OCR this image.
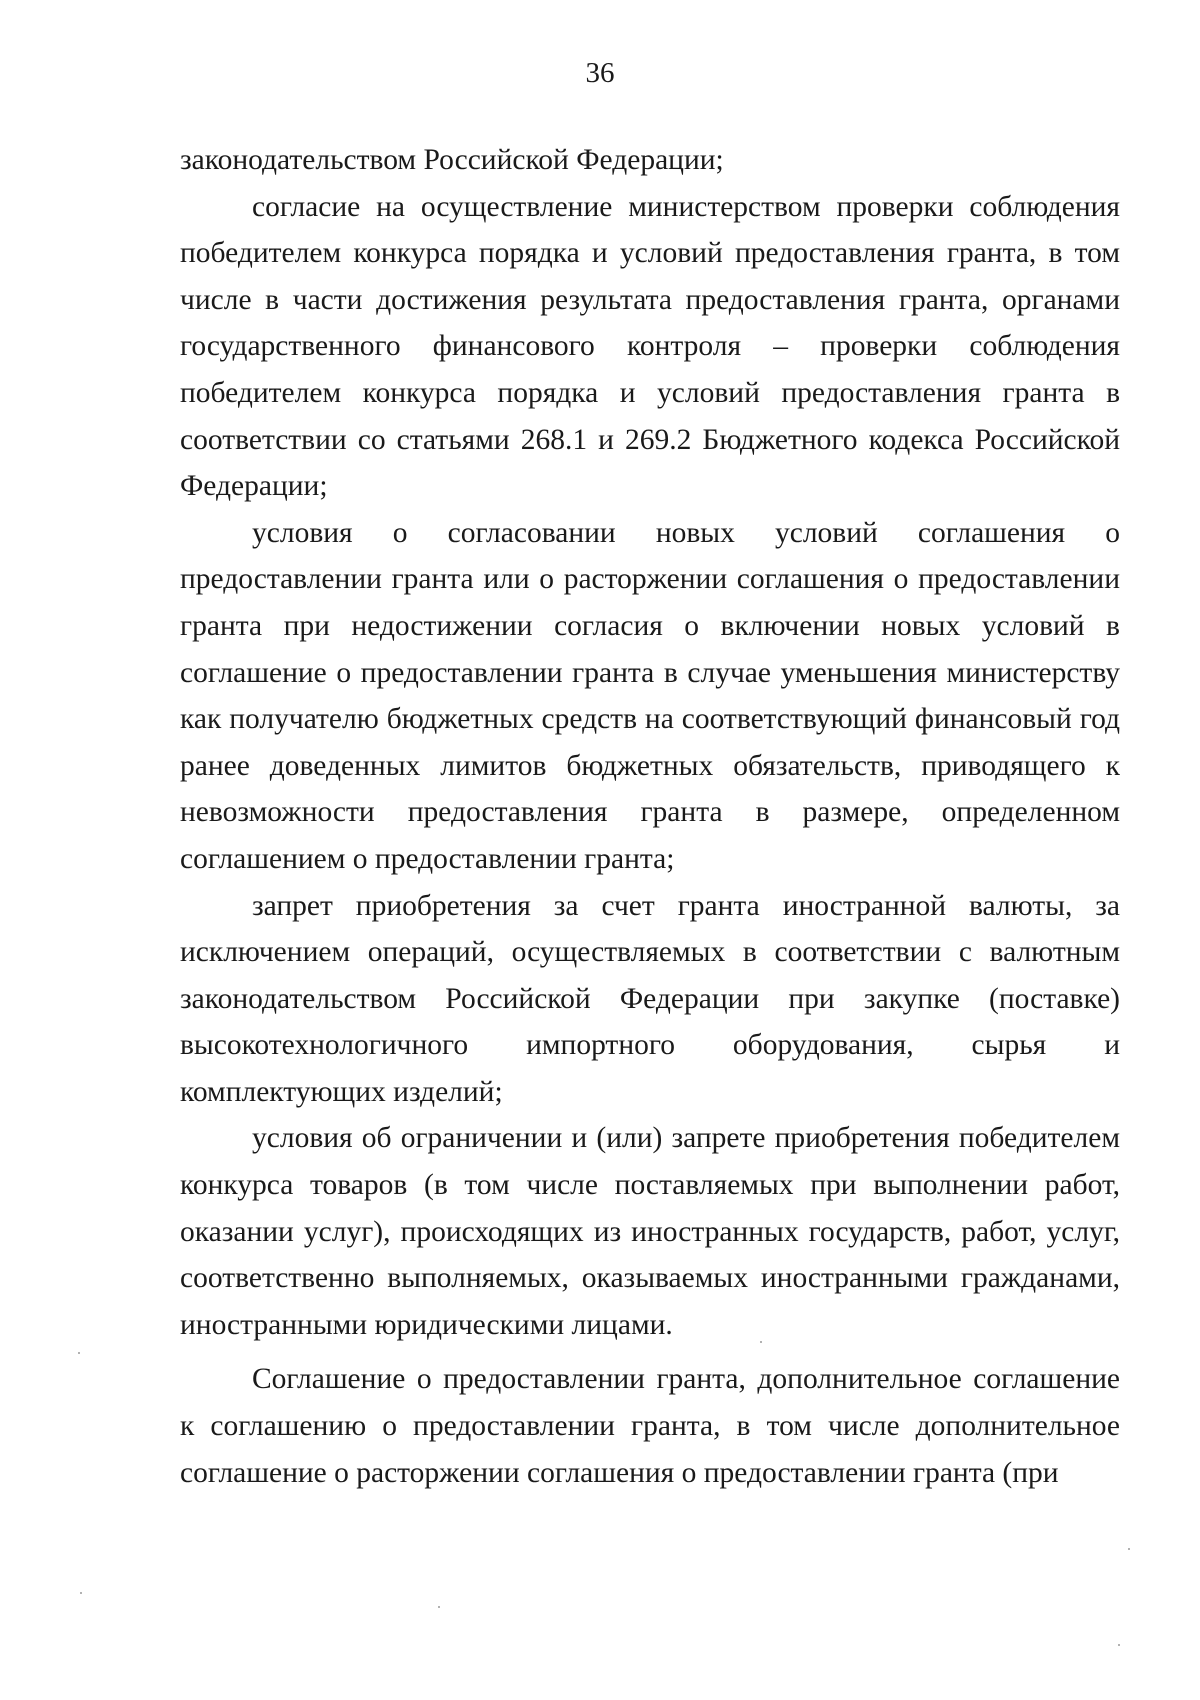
36

законодательством Российской Федерации;

согласие на осуществление министерством проверки соблюдения победителем конкурса порядка и условий предоставления гранта, в том числе в части достижения результата предоставления гранта, органами государственного финансового контроля – проверки соблюдения победителем конкурса порядка и условий предоставления гранта в соответствии со статьями 268.1 и 269.2 Бюджетного кодекса Российской Федерации;

условия о согласовании новых условий соглашения о предоставлении гранта или о расторжении соглашения о предоставлении гранта при недостижении согласия о включении новых условий в соглашение о предоставлении гранта в случае уменьшения министерству как получателю бюджетных средств на соответствующий финансовый год ранее доведенных лимитов бюджетных обязательств, приводящего к невозможности предоставления гранта в размере, определенном соглашением о предоставлении гранта;

запрет приобретения за счет гранта иностранной валюты, за исключением операций, осуществляемых в соответствии с валютным законодательством Российской Федерации при закупке (поставке) высокотехнологичного импортного оборудования, сырья и комплектующих изделий;

условия об ограничении и (или) запрете приобретения победителем конкурса товаров (в том числе поставляемых при выполнении работ, оказании услуг), происходящих из иностранных государств, работ, услуг, соответственно выполняемых, оказываемых иностранными гражданами, иностранными юридическими лицами.

Соглашение о предоставлении гранта, дополнительное соглашение к соглашению о предоставлении гранта, в том числе дополнительное соглашение о расторжении соглашения о предоставлении гранта (при
